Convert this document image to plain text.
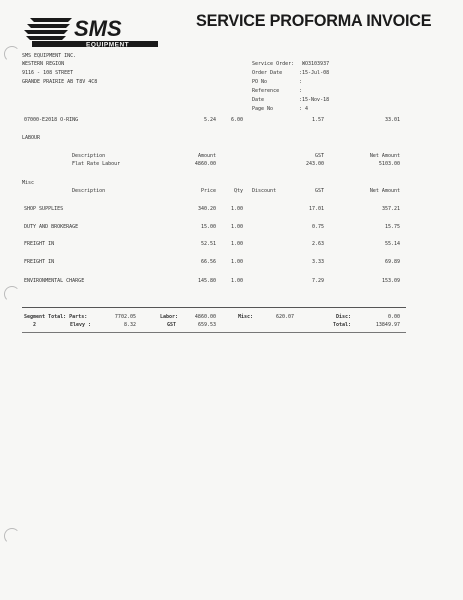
SMS
EQUIPMENT
SERVICE PROFORMA INVOICE
SMS EQUIPMENT INC.
WESTERN REGION
9116 - 108 STREET
GRANDE PRAIRIE AB T8V 4C8
Service Order: WO3103937
Order Date	:15-Jul-08
PO No	:
Reference	:
Date	:15-Nov-18
Page No	: 4
07000-E2018 O-RING	5.24	6.00	1.57	33.01
LABOUR
Description	Amount	GST	Net Amount
Flat Rate Labour	4860.00	243.00	5103.00
Misc
Description	Price	Qty Discount	GST	Net Amount
SHOP SUPPLIES	340.20	1.00	17.01	357.21
DUTY AND BROKERAGE	15.00	1.00	0.75	15.75
FREIGHT IN	52.51	1.00	2.63	55.14
FREIGHT IN	66.56	1.00	3.33	69.89
ENVIRONMENTAL CHARGE	145.80	1.00	7.29	153.09
Segment Total: Parts:	7702.05	Labor:	4860.00	Misc:	620.07	Disc:	0.00
2	Elevy :	8.32	GST	659.53	Total:	13849.97
